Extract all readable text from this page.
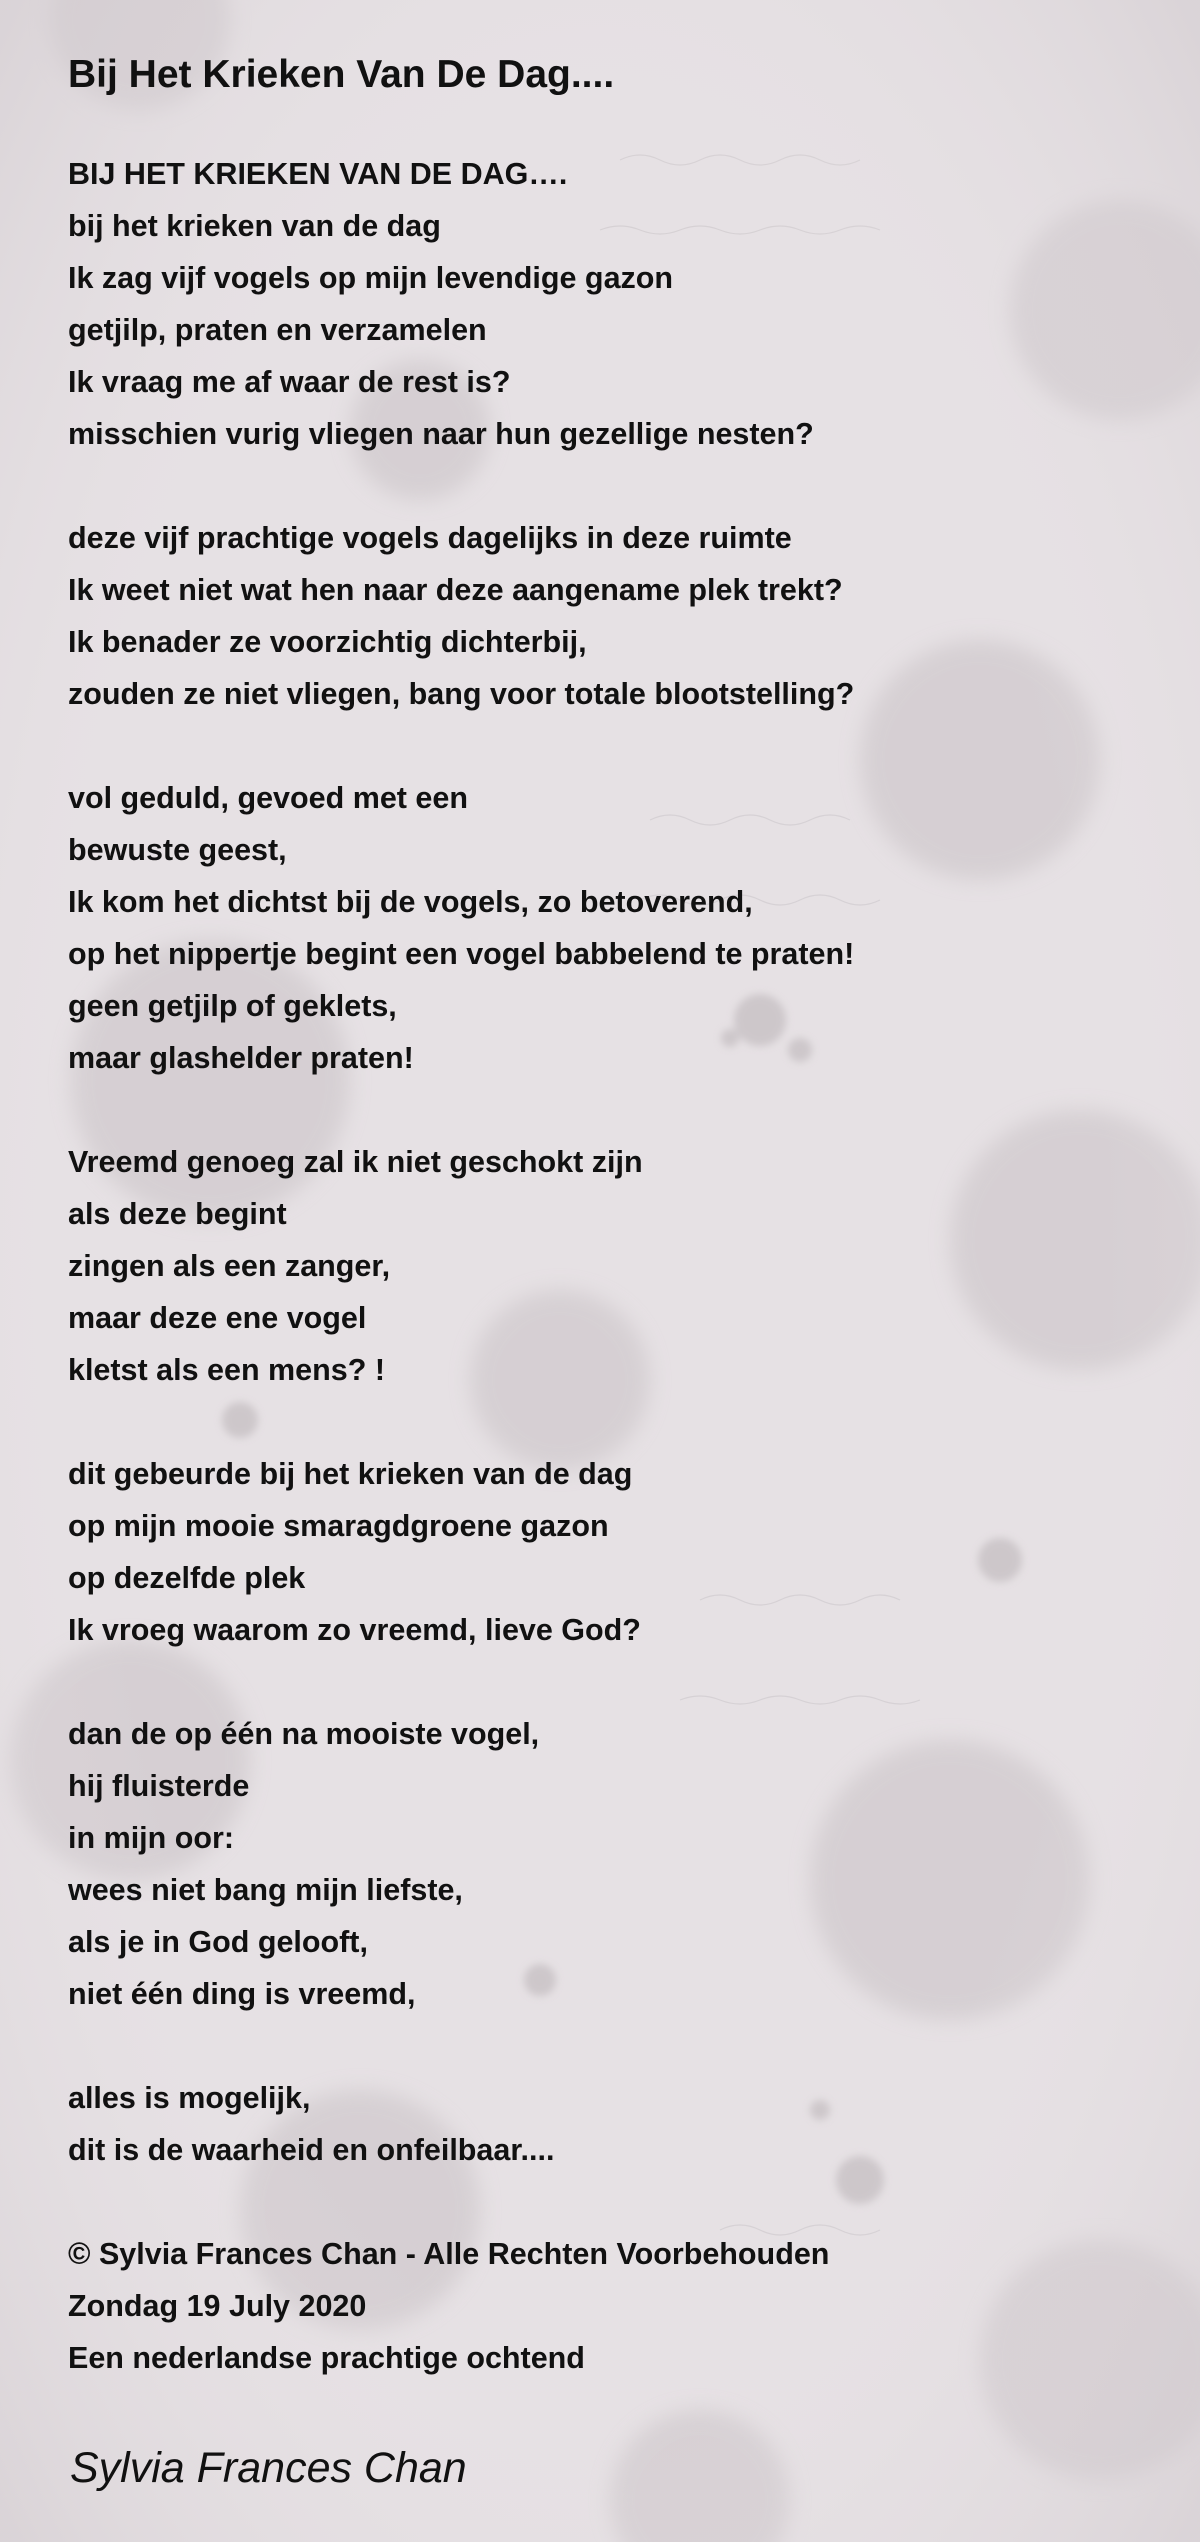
Bij Het Krieken Van De Dag....
BIJ HET KRIEKEN VAN DE DAG….
bij het krieken van de dag
Ik zag vijf vogels op mijn levendige gazon
getjilp, praten en verzamelen
Ik vraag me af waar de rest is?
misschien vurig vliegen naar hun gezellige nesten?
deze vijf prachtige vogels dagelijks in deze ruimte
Ik weet niet wat hen naar deze aangename plek trekt?
Ik benader ze voorzichtig dichterbij,
zouden ze niet vliegen, bang voor totale blootstelling?
vol geduld, gevoed met een
bewuste geest,
Ik kom het dichtst bij de vogels, zo betoverend,
op het nippertje begint een vogel babbelend te praten!
geen getjilp of geklets,
maar glashelder praten!
Vreemd genoeg zal ik niet geschokt zijn
als deze begint
zingen als een zanger,
maar deze ene vogel
kletst als een mens? !
dit gebeurde bij het krieken van de dag
op mijn mooie smaragdgroene gazon
op dezelfde plek
Ik vroeg waarom zo vreemd, lieve God?
dan de op één na mooiste vogel,
hij fluisterde
in mijn oor:
wees niet bang mijn liefste,
als je in God gelooft,
niet één ding is vreemd,
alles is mogelijk,
dit is de waarheid en onfeilbaar....
© Sylvia Frances Chan - Alle Rechten Voorbehouden
Zondag 19 July 2020
Een nederlandse prachtige ochtend
Sylvia Frances Chan
